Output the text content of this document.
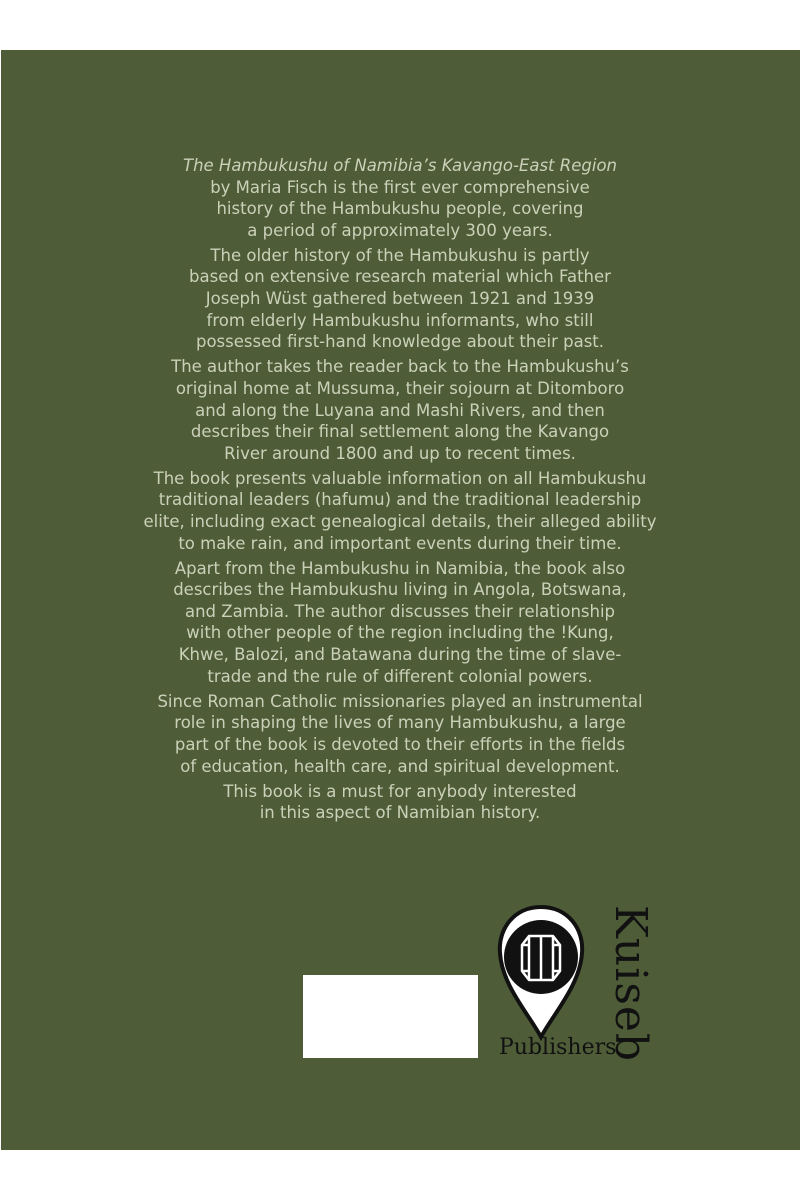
The Hambukushu of Namibia’s Kavango-East Region
by Maria Fisch is the first ever comprehensive
history of the Hambukushu people, covering
a period of approximately 300 years.

The older history of the Hambukushu is partly
based on extensive research material which Father
Joseph Wüst gathered between 1921 and 1939
from elderly Hambukushu informants, who still
possessed first-hand knowledge about their past.

The author takes the reader back to the Hambukushu’s
original home at Mussuma, their sojourn at Ditomboro
and along the Luyana and Mashi Rivers, and then
describes their final settlement along the Kavango
River around 1800 and up to recent times.

The book presents valuable information on all Hambukushu
traditional leaders (hafumu) and the traditional leadership
elite, including exact genealogical details, their alleged ability
to make rain, and important events during their time.

Apart from the Hambukushu in Namibia, the book also
describes the Hambukushu living in Angola, Botswana,
and Zambia. The author discusses their relationship
with other people of the region including the !Kung,
Khwe, Balozi, and Batawana during the time of slave-
trade and the rule of different colonial powers.

Since Roman Catholic missionaries played an instrumental
role in shaping the lives of many Hambukushu, a large
part of the book is devoted to their efforts in the fields
of education, health care, and spiritual development.

This book is a must for anybody interested
in this aspect of Namibian history.

Publishers
Kuiseb
